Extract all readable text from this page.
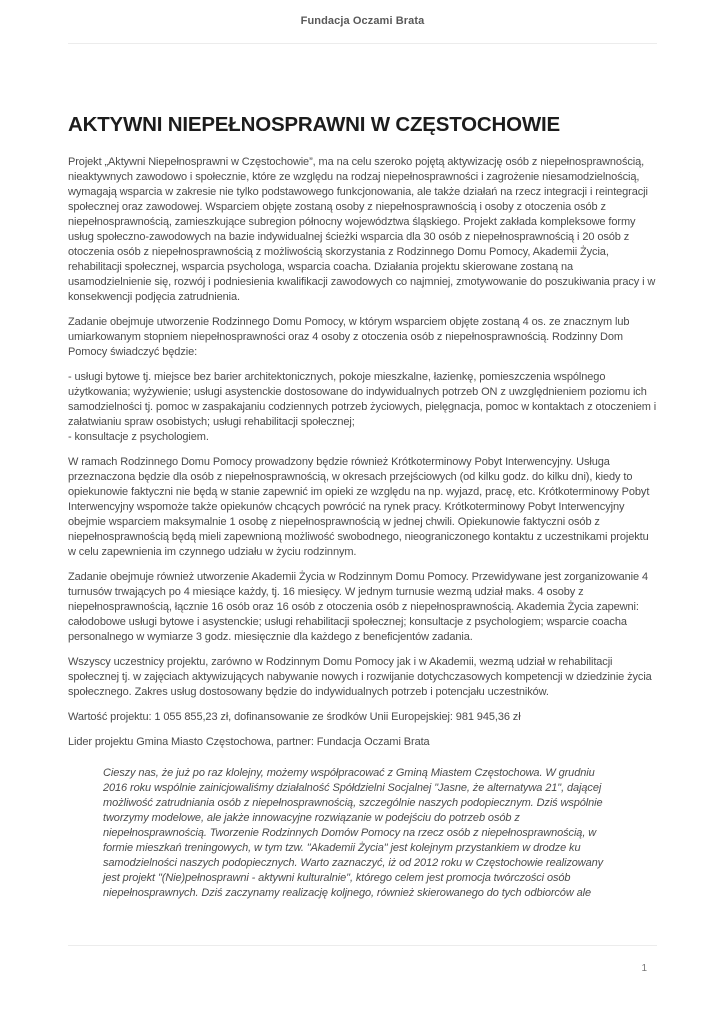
Fundacja Oczami Brata
AKTYWNI NIEPEŁNOSPRAWNI W CZĘSTOCHOWIE

Projekt „Aktywni Niepełnosprawni w Częstochowie”, ma na celu szeroko pojętą aktywizację osób z niepełnosprawnością, nieaktywnych zawodowo i społecznie, które ze względu na rodzaj niepełnosprawności i zagrożenie niesamodzielnością, wymagają wsparcia w zakresie nie tylko podstawowego funkcjonowania, ale także działań na rzecz integracji i reintegracji społecznej oraz zawodowej. Wsparciem objęte zostaną osoby z niepełnosprawnością i osoby z otoczenia osób z niepełnosprawnością, zamieszkujące subregion północny województwa śląskiego. Projekt zakłada kompleksowe formy usług społeczno-zawodowych na bazie indywidualnej ścieżki wsparcia dla 30 osób z niepełnosprawnością i 20 osób z otoczenia osób z niepełnosprawnością z możliwością skorzystania z Rodzinnego Domu Pomocy, Akademii Życia, rehabilitacji społecznej, wsparcia psychologa, wsparcia coacha. Działania projektu skierowane zostaną na usamodzielnienie się, rozwój i podniesienia kwalifikacji zawodowych co najmniej, zmotywowanie do poszukiwania pracy i w konsekwencji podjęcia zatrudnienia.

Zadanie obejmuje utworzenie Rodzinnego Domu Pomocy, w którym wsparciem objęte zostaną 4 os. ze znacznym lub umiarkowanym stopniem niepełnosprawności oraz 4 osoby z otoczenia osób z niepełnosprawnością. Rodzinny Dom Pomocy świadczyć będzie:

- usługi bytowe tj. miejsce bez barier architektonicznych, pokoje mieszkalne, łazienkę, pomieszczenia wspólnego użytkowania; wyżywienie; usługi asystenckie dostosowane do indywidualnych potrzeb ON z uwzględnieniem poziomu ich samodzielności tj. pomoc w zaspakajaniu codziennych potrzeb życiowych, pielęgnacja, pomoc w kontaktach z otoczeniem i załatwianiu spraw osobistych; usługi rehabilitacji społecznej;

- konsultacje z psychologiem.

W ramach Rodzinnego Domu Pomocy prowadzony będzie również Krótkoterminowy Pobyt Interwencyjny. Usługa przeznaczona będzie dla osób z niepełnosprawnością, w okresach przejściowych (od kilku godz. do kilku dni), kiedy to opiekunowie faktyczni nie będą w stanie zapewnić im opieki ze względu na np. wyjazd, pracę, etc. Krótkoterminowy Pobyt Interwencyjny wspomoże także opiekunów chcących powrócić na rynek pracy. Krótkoterminowy Pobyt Interwencyjny obejmie wsparciem maksymalnie 1 osobę z niepełnosprawnością w jednej chwili. Opiekunowie faktyczni osób z niepełnosprawnością będą mieli zapewnioną możliwość swobodnego, nieograniczonego kontaktu z uczestnikami projektu w celu zapewnienia im czynnego udziału w życiu rodzinnym.

Zadanie obejmuje również utworzenie Akademii Życia w Rodzinnym Domu Pomocy. Przewidywane jest zorganizowanie 4 turnusów trwających po 4 miesiące każdy, tj. 16 miesięcy. W jednym turnusie wezmą udział maks. 4 osoby z niepełnosprawnością, łącznie 16 osób oraz 16 osób z otoczenia osób z niepełnosprawnością. Akademia Życia zapewni: całodobowe usługi bytowe i asystenckie; usługi rehabilitacji społecznej; konsultacje z psychologiem; wsparcie coacha personalnego w wymiarze 3 godz. miesięcznie dla każdego z beneficjentów zadania.

Wszyscy uczestnicy projektu, zarówno w Rodzinnym Domu Pomocy jak i w Akademii, wezmą udział w rehabilitacji społecznej tj. w zajęciach aktywizujących nabywanie nowych i rozwijanie dotychczasowych kompetencji w dziedzinie życia społecznego. Zakres usług dostosowany będzie do indywidualnych potrzeb i potencjału uczestników.

Wartość projektu: 1 055 855,23 zł, dofinansowanie ze środków Unii Europejskiej: 981 945,36 zł

Lider projektu Gmina Miasto Częstochowa, partner: Fundacja Oczami Brata

Cieszy nas, że już po raz klolejny, możemy współpracować z Gminą Miastem Częstochowa. W grudniu 2016 roku wspólnie zainicjowaliśmy działalność Spółdzielni Socjalnej "Jasne, że alternatywa 21", dającej możliwość zatrudniania osób z niepełnosprawnością, szczególnie naszych podopiecznym. Dziś wspólnie tworzymy modelowe, ale jakże innowacyjne rozwiązanie w podejściu do potrzeb osób z niepełnosprawnością. Tworzenie Rodzinnych Domów Pomocy na rzecz osób z niepełnosprawnością, w formie mieszkań treningowych, w tym tzw. "Akademii Życia" jest kolejnym przystankiem w drodze ku samodzielności naszych podopiecznych. Warto zaznaczyć, iż od 2012 roku w Częstochowie realizowany jest projekt "(Nie)pełnosprawni - aktywni kulturalnie", którego celem jest promocja twórczości osób niepełnosprawnych. Dziś zaczynamy realizację koljnego, również skierowanego do tych odbiorców ale
1
